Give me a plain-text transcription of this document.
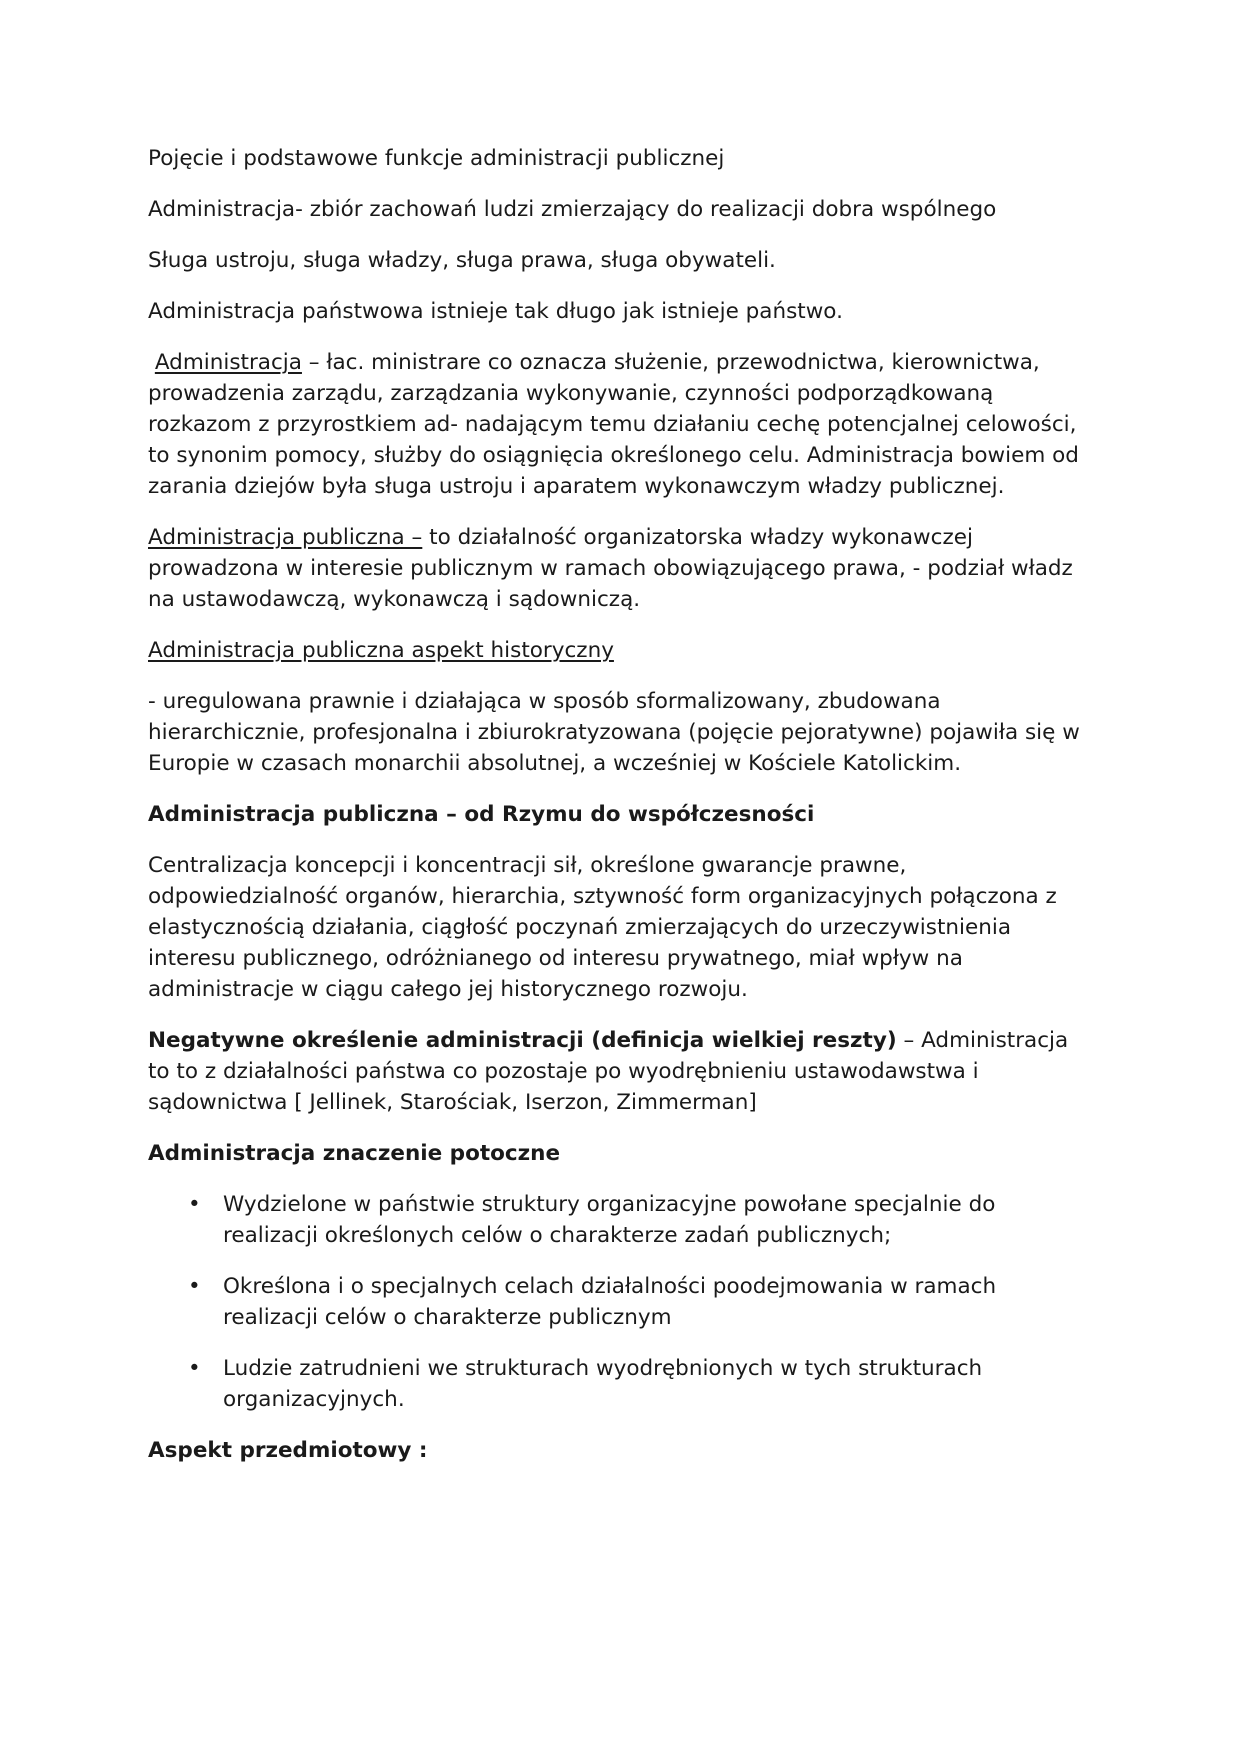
Pojęcie i podstawowe funkcje administracji publicznej

Administracja- zbiór zachowań ludzi zmierzający do realizacji dobra wspólnego

Sługa ustroju, sługa władzy, sługa prawa, sługa obywateli.

Administracja państwowa istnieje tak długo jak istnieje państwo.

Administracja – łac. ministrare co oznacza służenie, przewodnictwa, kierownictwa, prowadzenia zarządu, zarządzania wykonywanie, czynności podporządkowaną rozkazom z przyrostkiem ad- nadającym temu działaniu cechę potencjalnej celowości, to synonim pomocy, służby do osiągnięcia określonego celu. Administracja bowiem od zarania dziejów była sługa ustroju i aparatem wykonawczym władzy publicznej.

Administracja publiczna – to działalność organizatorska władzy wykonawczej prowadzona w interesie publicznym w ramach obowiązującego prawa, - podział władz na ustawodawczą, wykonawczą i sądowniczą.

Administracja publiczna aspekt historyczny

- uregulowana prawnie i działająca w sposób sformalizowany, zbudowana hierarchicznie, profesjonalna i zbiurokratyzowana (pojęcie pejoratywne) pojawiła się w Europie w czasach monarchii absolutnej, a wcześniej w Kościele Katolickim.

Administracja publiczna – od Rzymu do współczesności

Centralizacja koncepcji i koncentracji sił, określone gwarancje prawne, odpowiedzialność organów, hierarchia, sztywność form organizacyjnych połączona z elastycznością działania, ciągłość poczynań zmierzających do urzeczywistnienia interesu publicznego, odróżnianego od interesu prywatnego, miał wpływ na administracje w ciągu całego jej historycznego rozwoju.

Negatywne określenie administracji (definicja wielkiej reszty) – Administracja to to z działalności państwa co pozostaje po wyodrębnieniu ustawodawstwa i sądownictwa [ Jellinek, Starościak, Iserzon, Zimmerman]

Administracja znaczenie potoczne

• Wydzielone w państwie struktury organizacyjne powołane specjalnie do realizacji określonych celów o charakterze zadań publicznych;
• Określona i o specjalnych celach działalności poodejmowania w ramach realizacji celów o charakterze publicznym
• Ludzie zatrudnieni we strukturach wyodrębnionych w tych strukturach organizacyjnych.

Aspekt przedmiotowy :
